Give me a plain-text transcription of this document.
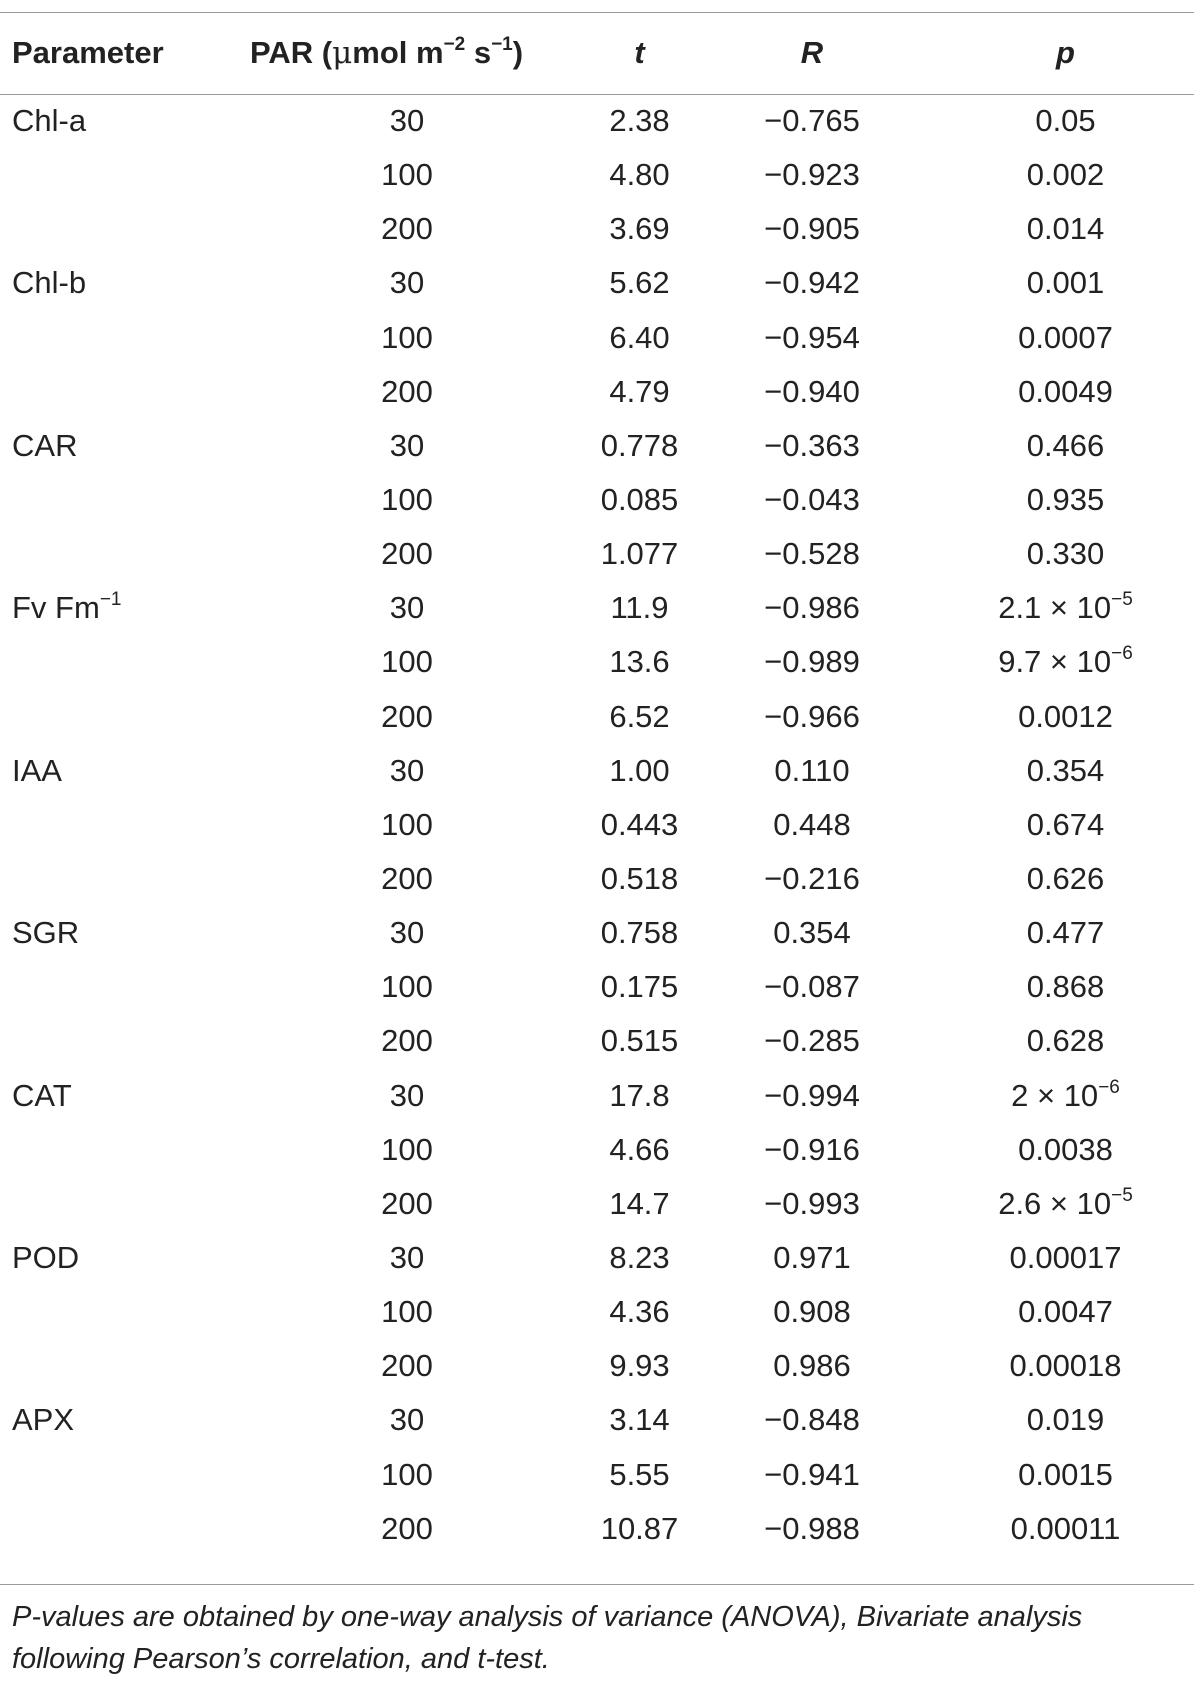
Parameter	PAR (μmol $m^{-2}$ $s^{-1}$)	t	R	p
Chl-a	30	2.38	−0.765	0.05
	100	4.80	−0.923	0.002
	200	3.69	−0.905	0.014
Chl-b	30	5.62	−0.942	0.001
	100	6.40	−0.954	0.0007
	200	4.79	−0.940	0.0049
CAR	30	0.778	−0.363	0.466
	100	0.085	−0.043	0.935
	200	1.077	−0.528	0.330
Fv $Fm^{-1}$	30	11.9	−0.986	$2.1 \times 10^{-5}$
	100	13.6	−0.989	$9.7 \times 10^{-6}$
	200	6.52	−0.966	0.0012
IAA	30	1.00	0.110	0.354
	100	0.443	0.448	0.674
	200	0.518	−0.216	0.626
SGR	30	0.758	0.354	0.477
	100	0.175	−0.087	0.868
	200	0.515	−0.285	0.628
CAT	30	17.8	−0.994	$2 \times 10^{-6}$
	100	4.66	−0.916	0.0038
	200	14.7	−0.993	$2.6 \times 10^{-5}$
POD	30	8.23	0.971	0.00017
	100	4.36	0.908	0.0047
	200	9.93	0.986	0.00018
APX	30	3.14	−0.848	0.019
	100	5.55	−0.941	0.0015
	200	10.87	−0.988	0.00011
P-values are obtained by one-way analysis of variance (ANOVA), Bivariate analysis following Pearson’s correlation, and t-test.
